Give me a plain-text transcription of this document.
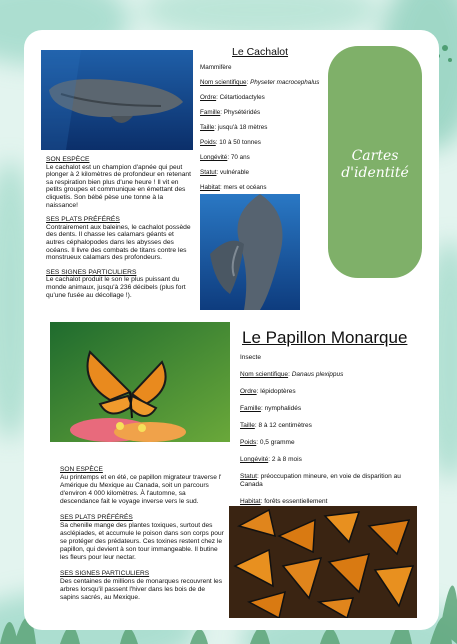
Le Cachalot
Mammifère
Nom scientifique: Physeter macrocephalus
Ordre: Cétartiodactyles
Famille: Physétéridés
Taille: jusqu'à 18 mètres
Poids: 10 à 50 tonnes
Longévité: 70 ans
Statut: vulnérable
Habitat: mers et océans
Cartes
d'identité

SON ESPÈCE
Le cachalot est un champion d'apnée qui peut plonger à 2 kilomètres de profondeur en retenant sa respiration bien plus d'une heure ! Il vit en petits groupes et communique en émettant des cliquetis. Son bébé pèse une tonne à la naissance!

SES PLATS PRÉFÉRÉS
Contrairement aux baleines, le cachalot possède des dents. Il chasse les calamars géants et autres céphalopodes dans les abysses des océans. Il livre des combats de titans contre les monstrueux calamars des profondeurs.

SES SIGNES PARTICULIERS
Le cachalot produit le son le plus puissant du monde animaux, jusqu'à 236 décibels (plus fort qu'une fusée au décollage !).

Le Papillon Monarque
Insecte
Nom scientifique: Danaus plexippus
Ordre: lépidoptères
Famille: nymphalidés
Taille: 8 à 12 centimètres
Poids: 0,5 gramme
Longévité: 2 à 8 mois
Statut: préoccupation mineure, en voie de disparition au Canada
Habitat: forêts essentiellement

SON ESPÈCE
Au printemps et en été, ce papillon migrateur traverse l' Amérique du Mexique au Canada, soit un parcours d'environ 4 000 kilomètres. À l'automne, sa descendance fait le voyage inverse vers le sud.

SES PLATS PRÉFÉRÉS
Sa chenille mange des plantes toxiques, surtout des asclépiades, et accumule le poison dans son corps pour se protéger des prédateurs. Ces toxines restent chez le papillon, qui devient à son tour immangeable. Il butine les fleurs pour leur nectar.

SES SIGNES PARTICULIERS
Des centaines de millions de monarques recouvrent les arbres lorsqu'il passent l'hiver dans les bois de de sapins sacrés, au Mexique.
